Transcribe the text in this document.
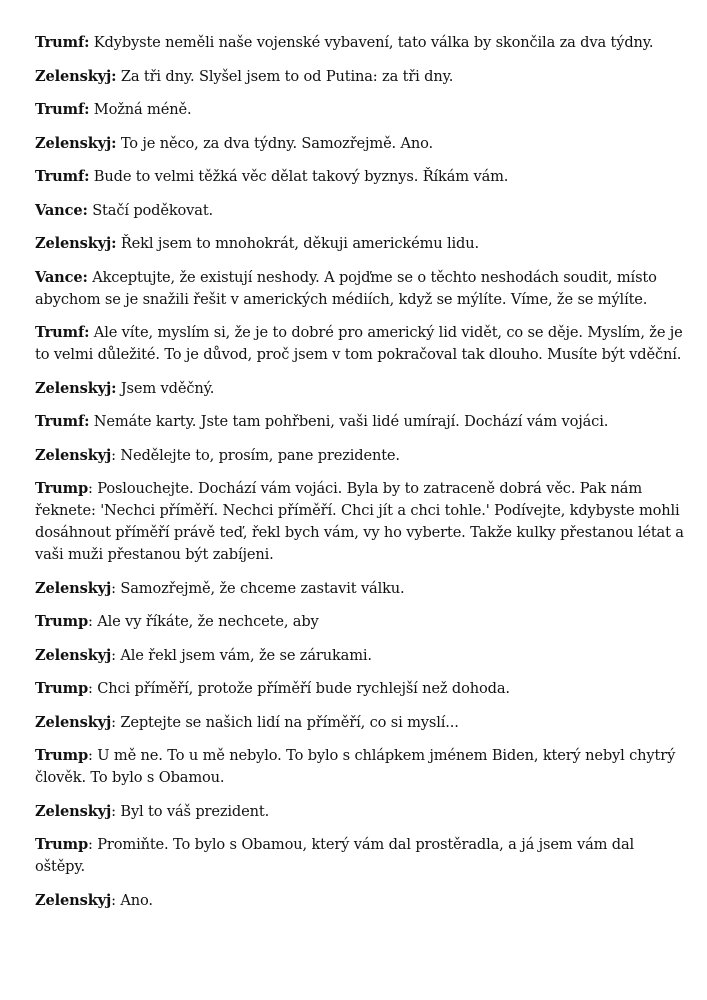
Trumf: Kdybyste neměli naše vojenské vybavení, tato válka by skončila za dva týdny.

Zelenskyj: Za tři dny. Slyšel jsem to od Putina: za tři dny.

Trumf: Možná méně.

Zelenskyj: To je něco, za dva týdny. Samozřejmě. Ano.

Trumf: Bude to velmi těžká věc dělat takový byznys. Říkám vám.

Vance: Stačí poděkovat.

Zelenskyj: Řekl jsem to mnohokrát, děkuji americkému lidu.

Vance: Akceptujte, že existují neshody. A pojďme se o těchto neshodách soudit, místo abychom se je snažili řešit v amerických médiích, když se mýlíte. Víme, že se mýlíte.

Trumf: Ale víte, myslím si, že je to dobré pro americký lid vidět, co se děje. Myslím, že je to velmi důležité. To je důvod, proč jsem v tom pokračoval tak dlouho. Musíte být vděční.

Zelenskyj: Jsem vděčný.

Trumf: Nemáte karty. Jste tam pohřbeni, vaši lidé umírají. Dochází vám vojáci.

Zelenskyj: Nedělejte to, prosím, pane prezidente.

Trump: Poslouchejte. Dochází vám vojáci. Byla by to zatraceně dobrá věc. Pak nám řeknete: 'Nechci příměří. Nechci příměří. Chci jít a chci tohle.' Podívejte, kdybyste mohli dosáhnout příměří právě teď, řekl bych vám, vy ho vyberte. Takže kulky přestanou létat a vaši muži přestanou být zabíjeni.

Zelenskyj: Samozřejmě, že chceme zastavit válku.

Trump: Ale vy říkáte, že nechcete, aby

Zelenskyj: Ale řekl jsem vám, že se zárukami.

Trump: Chci příměří, protože příměří bude rychlejší než dohoda.

Zelenskyj: Zeptejte se našich lidí na příměří, co si myslí...

Trump: U mě ne. To u mě nebylo. To bylo s chlápkem jménem Biden, který nebyl chytrý člověk. To bylo s Obamou.

Zelenskyj: Byl to váš prezident.

Trump: Promiňte. To bylo s Obamou, který vám dal prostěradla, a já jsem vám dal oštěpy.

Zelenskyj: Ano.
